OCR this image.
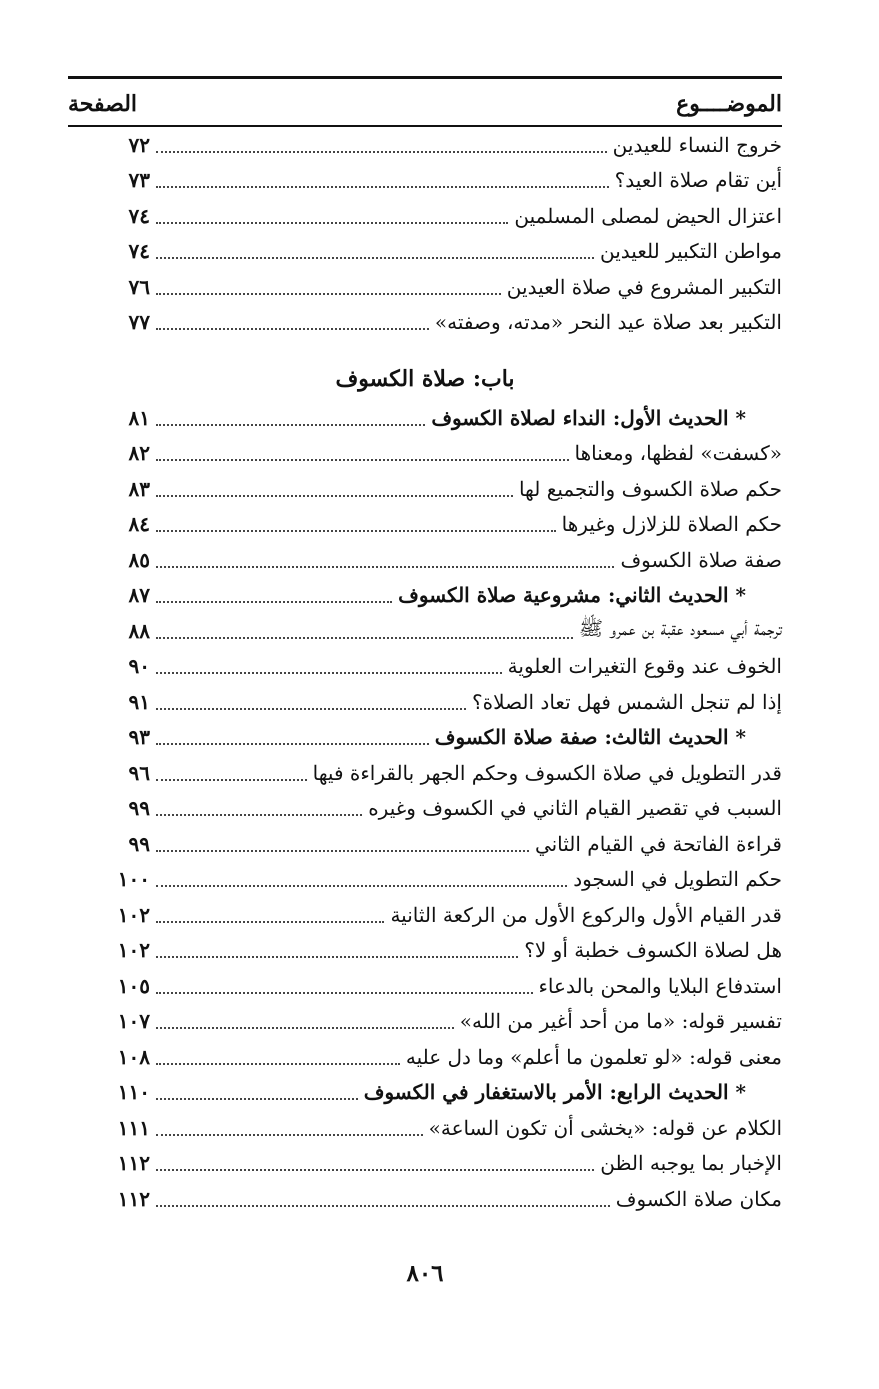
الموضــــوع
الصفحة
خروج النساء للعيدين
٧٢
أين تقام صلاة العيد؟
٧٣
اعتزال الحيض لمصلى المسلمين
٧٤
مواطن التكبير للعيدين
٧٤
التكبير المشروع في صلاة العيدين
٧٦
التكبير بعد صلاة عيد النحر «مدته، وصفته»
٧٧
باب: صلاة الكسوف
* الحديث الأول: النداء لصلاة الكسوف
٨١
«كسفت» لفظها، ومعناها
٨٢
حكم صلاة الكسوف والتجميع لها
٨٣
حكم الصلاة للزلازل وغيرها
٨٤
صفة صلاة الكسوف
٨٥
* الحديث الثاني: مشروعية صلاة الكسوف
٨٧
ترجمة أبي مسعود عقبة بن عمرو ﷺ
٨٨
الخوف عند وقوع التغيرات العلوية
٩٠
إذا لم تنجل الشمس فهل تعاد الصلاة؟
٩١
* الحديث الثالث: صفة صلاة الكسوف
٩٣
قدر التطويل في صلاة الكسوف وحكم الجهر بالقراءة فيها
٩٦
السبب في تقصير القيام الثاني في الكسوف وغيره
٩٩
قراءة الفاتحة في القيام الثاني
٩٩
حكم التطويل في السجود
١٠٠
قدر القيام الأول والركوع الأول من الركعة الثانية
١٠٢
هل لصلاة الكسوف خطبة أو لا؟
١٠٢
استدفاع البلايا والمحن بالدعاء
١٠٥
تفسير قوله: «ما من أحد أغير من الله»
١٠٧
معنى قوله: «لو تعلمون ما أعلم» وما دل عليه
١٠٨
* الحديث الرابع: الأمر بالاستغفار في الكسوف
١١٠
الكلام عن قوله: «يخشى أن تكون الساعة»
١١١
الإخبار بما يوجبه الظن
١١٢
مكان صلاة الكسوف
١١٢
٨٠٦
